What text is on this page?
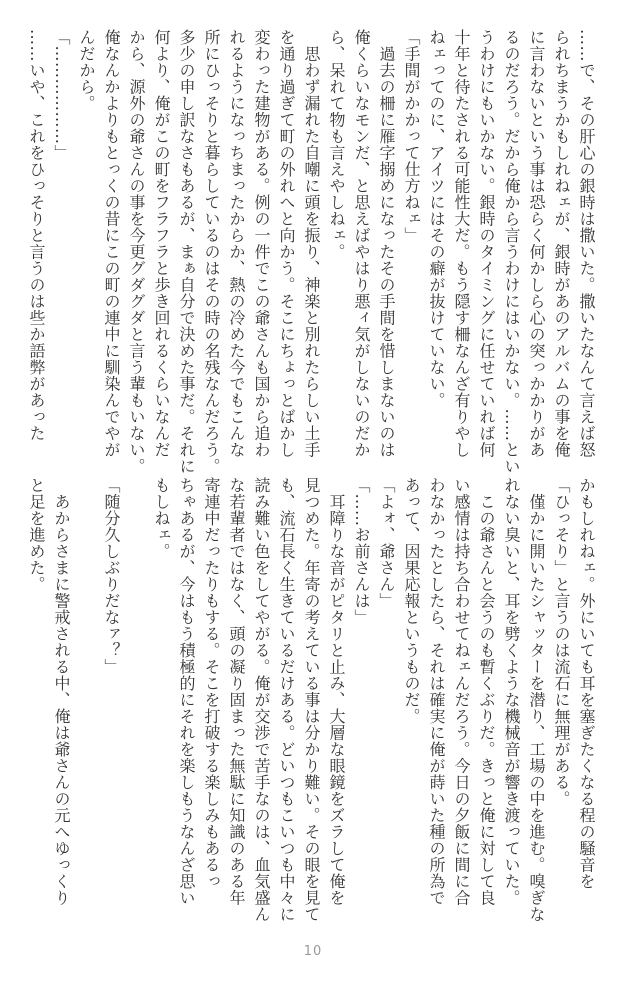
……で、その肝心の銀時は撒いた。撒いたなんて言えば怒
られちまうかもしれねェが、銀時があのアルバムの事を俺
に言わないという事は恐らく何かしら心の突っかかりがあ
るのだろう。だから俺から言うわけにはいかない。……とい
うわけにもいかない。銀時のタイミングに任せていれば何
十年と待たされる可能性大だ。もう隠す柵なんざ有りやし
ねェってのに、アイツにはその癖が抜けていない。
「手間がかかって仕方ねェ」
　過去の柵に雁字搦めになったその手間を惜しまないのは
俺くらいなモンだ、と思えばやはり悪ィ気がしないのだか
ら、呆れて物も言えやしねェ。
　思わず漏れた自嘲に頭を振り、神楽と別れたらしい土手
を通り過ぎて町の外れへと向かう。そこにちょっとばかし
変わった建物がある。例の一件でこの爺さんも国から追わ
れるようになっちまったからか、熱の冷めた今でもこんな
所にひっそりと暮らしているのはその時の名残なんだろう。
多少の申し訳なさもあるが、まぁ自分で決めた事だ。それに
何より、俺がこの町をフラフラと歩き回れるくらいなんだ
から、源外の爺さんの事を今更グダグダと言う輩もいない。
俺なんかよりもとっくの昔にこの町の連中に馴染んでやが
んだから。
「………………」
……いや、これをひっそりと言うのは些か語弊があった
かもしれねェ。外にいても耳を塞ぎたくなる程の騒音を
「ひっそり」と言うのは流石に無理がある。
　僅かに開いたシャッターを潜り、工場の中を進む。嗅ぎな
れない臭いと、耳を劈くような機械音が響き渡っていた。
　この爺さんと会うのも暫くぶりだ。きっと俺に対して良
い感情は持ち合わせてねェんだろう。今日の夕飯に間に合
わなかったとしたら、それは確実に俺が蒔いた種の所為で
あって、因果応報というものだ。
「よォ、爺さん」
「……お前さんは」
　耳障りな音がピタリと止み、大層な眼鏡をズラして俺を
見つめた。年寄の考えている事は分かり難い。その眼を見て
も、流石長く生きているだけある。どいつもこいつも中々に
読み難い色をしてやがる。俺が交渉で苦手なのは、血気盛ん
な若輩者ではなく、頭の凝り固まった無駄に知識のある年
寄連中だったりもする。そこを打破する楽しみもあるっ
ちゃあるが、今はもう積極的にそれを楽しもうなんざ思い
もしねェ。
「随分久しぶりだなァ？」
　あからさまに警戒される中、俺は爺さんの元へゆっくり
と足を進めた。
10
